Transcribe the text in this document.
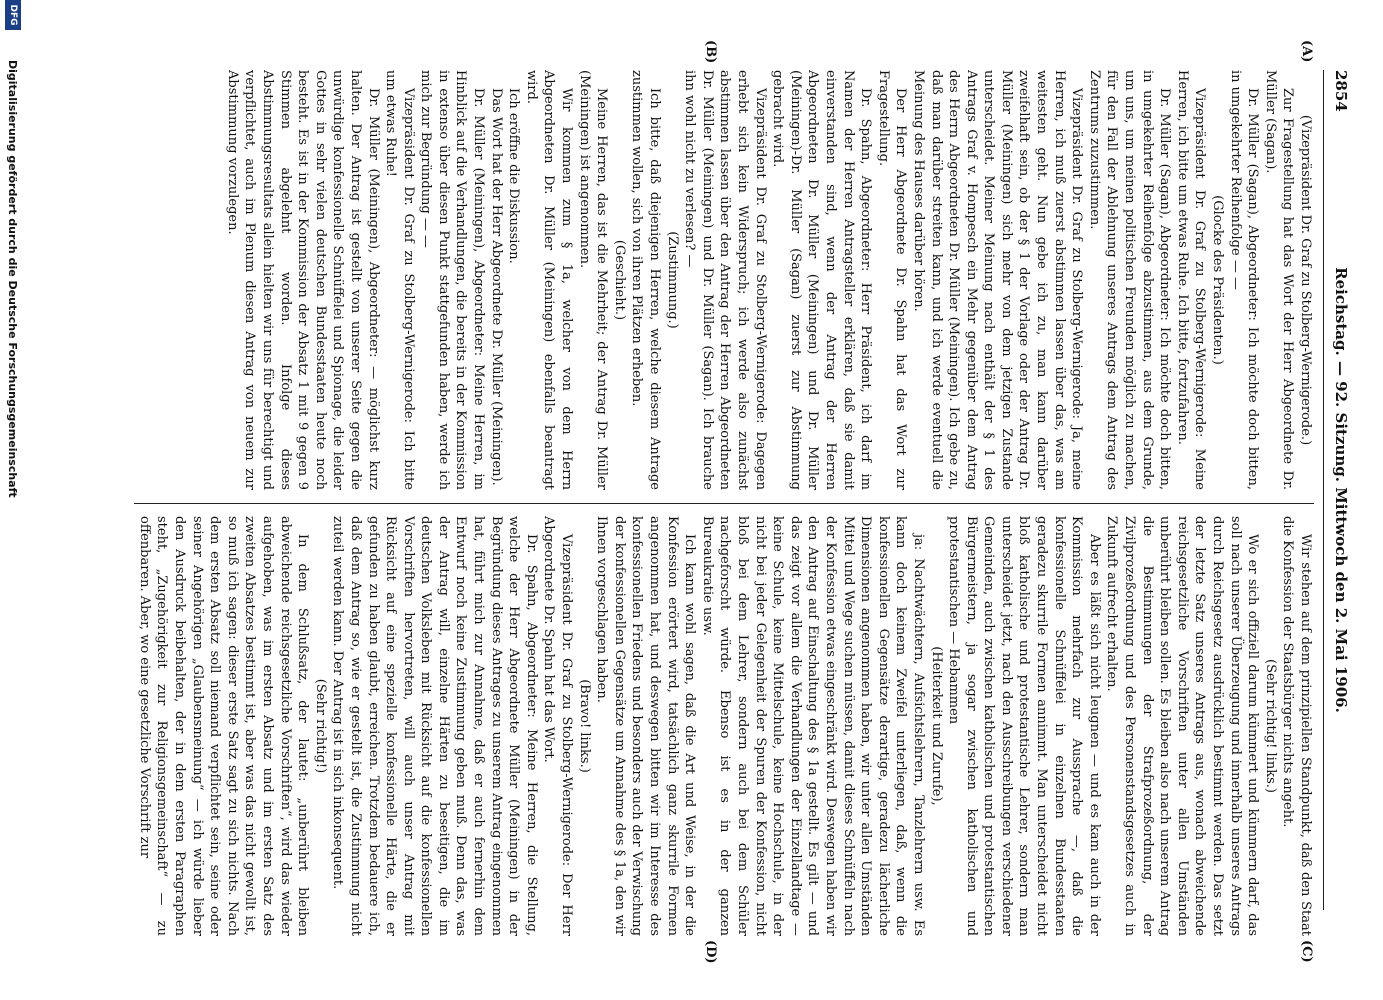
2854
Reichstag. — 92. Sitzung. Mittwoch den 2. Mai 1906.
(A)
(B)
(C)
(D)

(Vizepräsident Dr. Graf zu Stolberg-Wernigerode.)

Zur Fragestellung hat das Wort der Herr Abgeordnete Dr. Müller (Sagan).

Dr. Müller (Sagan), Abgeordneter: Ich möchte doch bitten, in umgekehrter Reihenfolge — —

(Glocke des Präsidenten.)

Vizepräsident Dr. Graf zu Stolberg-Wernigerode: Meine Herren, ich bitte um etwas Ruhe. Ich bitte, fortzufahren.

Dr. Müller (Sagan), Abgeordneter: Ich möchte doch bitten, in umgekehrter Reihenfolge abzustimmen, aus dem Grunde, um uns, um meinen politischen Freunden möglich zu machen, für den Fall der Ablehnung unseres Antrags dem Antrag des Zentrums zuzustimmen.

Vizepräsident Dr. Graf zu Stolberg-Wernigerode: Ja, meine Herren, ich muß zuerst abstimmen lassen über das, was am weitesten geht. Nun gebe ich zu, man kann darüber zweifelhaft sein, ob der § 1 der Vorlage oder der Antrag Dr. Müller (Meiningen) sich mehr von dem jetzigen Zustande unterscheidet. Meiner Meinung nach enthält der § 1 des Antrags Graf v. Hompesch ein Mehr gegenüber dem Antrag des Herrn Abgeordneten Dr. Müller (Meiningen). Ich gebe zu, daß man darüber streiten kann, und ich werde eventuell die Meinung des Hauses darüber hören.

Der Herr Abgeordnete Dr. Spahn hat das Wort zur Fragestellung.

Dr. Spahn, Abgeordneter: Herr Präsident, ich darf im Namen der Herren Antragsteller erklären, daß sie damit einverstanden sind, wenn der Antrag der Herren Abgeordneten Dr. Müller (Meiningen) und Dr. Müller (Meiningen)-Dr. Müller (Sagan) zuerst zur Abstimmung gebracht wird.

Vizepräsident Dr. Graf zu Stolberg-Wernigerode: Dagegen erhebt sich kein Widerspruch; ich werde also zunächst abstimmen lassen über den Antrag der Herren Abgeordneten Dr. Müller (Meiningen) und Dr. Müller (Sagan). Ich brauche ihn wohl nicht zu verlesen? —

(Zustimmung.)

Ich bitte, daß diejenigen Herren, welche diesem Antrage zustimmen wollen, sich von ihren Plätzen erheben.

(Geschieht.)

Meine Herren, das ist die Mehrheit; der Antrag Dr. Müller (Meiningen) ist angenommen.

Wir kommen zum § 1a, welcher von dem Herrn Abgeordneten Dr. Müller (Meiningen) ebenfalls beantragt wird.

Ich eröffne die Diskussion.

Das Wort hat der Herr Abgeordnete Dr. Müller (Meiningen).

Dr. Müller (Meiningen), Abgeordneter: Meine Herren, im Hinblick auf die Verhandlungen, die bereits in der Kommission in extenso über diesen Punkt stattgefunden haben, werde ich mich zur Begründung — —

Vizepräsident Dr. Graf zu Stolberg-Wernigerode: Ich bitte um etwas Ruhe!

Dr. Müller (Meiningen), Abgeordneter: — möglichst kurz halten. Der Antrag ist gestellt von unserer Seite gegen die unwürdige konfessionelle Schnüffelei und Spionage, die leider Gottes in sehr vielen deutschen Bundesstaaten heute noch besteht. Es ist in der Kommission der Absatz 1 mit 9 gegen 9 Stimmen abgelehnt worden. Infolge dieses Abstimmungsresultats allein hielten wir uns für berechtigt und verpflichtet, auch im Plenum diesen Antrag von neuem zur Abstimmung vorzulegen.

Wir stehen auf dem prinzipiellen Standpunkt, daß den Staat die Konfession der Staatsbürger nichts angeht.

(Sehr richtig! links.)

Wo er sich offiziell darum kümmert und kümmern darf, das soll nach unserer Überzeugung und innerhalb unseres Antrags durch Reichsgesetz ausdrücklich bestimmt werden. Das setzt der letzte Satz unseres Antrags aus, wonach abweichende reichsgesetzliche Vorschriften unter allen Umständen unberührt bleiben sollen. Es bleiben also nach unserem Antrag die Bestimmungen der Strafprozeßordnung, der Zivilprozeßordnung und des Personenstandsgesetzes auch in Zukunft aufrecht erhalten.

Aber es läßt sich nicht leugnen — und es kam auch in der Kommission mehrfach zur Aussprache —, daß die konfessionelle Schnüffelei in einzelnen Bundesstaaten geradezu skurrile Formen annimmt. Man unterscheidet nicht bloß katholische und protestantische Lehrer, sondern man unterscheidet jetzt, nach den Ausschreibungen verschiedener Gemeinden, auch zwischen katholischen und protestantischen Bürgermeistern, ja sogar zwischen katholischen und protestantischen — Hebammen

(Heiterkeit und Zurufe),

ja: Nachtwächtern, Aufsichtslehrern, Tanzlehrern usw. Es kann doch keinem Zweifel unterliegen, daß, wenn die konfessionellen Gegensätze derartige, geradezu lächerliche Dimensionen angenommen haben, wir unter allen Umständen Mittel und Wege suchen müssen, damit dieses Schnüffeln nach der Konfession etwas eingeschränkt wird. Deswegen haben wir den Antrag auf Einschaltung des § 1a gestellt. Es gilt — und das zeigt vor allem die Verhandlungen der Einzellandtage — keine Schule, keine Mittelschule, keine Hochschule, in der nicht bei jeder Gelegenheit der Spuren der Konfession, nicht bloß bei dem Lehrer, sondern auch bei dem Schüler nachgeforscht würde. Ebenso ist es in der ganzen Bureaukratie usw.

Ich kann wohl sagen, daß die Art und Weise, in der die Konfession erörtert wird, tatsächlich ganz skurrile Formen angenommen hat, und deswegen bitten wir im Interesse des konfessionellen Friedens und besonders auch der Verwischung der konfessionellen Gegensätze um Annahme des § 1a, den wir Ihnen vorgeschlagen haben.

(Bravo! links.)

Vizepräsident Dr. Graf zu Stolberg-Wernigerode: Der Herr Abgeordnete Dr. Spahn hat das Wort.

Dr. Spahn, Abgeordneter: Meine Herren, die Stellung, welche der Herr Abgeordnete Müller (Meiningen) in der Begründung dieses Antrages zu unserem Antrag eingenommen hat, führt mich zur Annahme, daß er auch fernerhin dem Entwurf noch keine Zustimmung geben muß. Denn das, was der Antrag will, einzelne Härten zu beseitigen, die im deutschen Volksleben mit Rücksicht auf die konfessionellen Vorschriften hervortreten, will auch unser Antrag mit Rücksicht auf eine spezielle konfessionelle Härte, die er gefunden zu haben glaubt, erreichen. Trotzdem bedauere ich, daß dem Antrag so, wie er gestellt ist, die Zustimmung nicht zuteil werden kann. Der Antrag ist in sich inkonsequent.

(Sehr richtig!)

In dem Schlußsatz, der lautet: „unberührt bleiben abweichende reichsgesetzliche Vorschriften“, wird das wieder aufgehoben, was im ersten Absatz und im ersten Satz des zweiten Absatzes bestimmt ist, aber was das nicht gewollt ist, so muß ich sagen: dieser erste Satz sagt zu sich nichts. Nach dem ersten Absatz soll niemand verpflichtet sein, seine oder seiner Angehörigen „Glaubensmeinung“ — ich würde lieber den Ausdruck beibehalten, der in dem ersten Paragraphen steht, „Zugehörigkeit zur Religionsgemeinschaft“ — zu offenbaren. Aber, wo eine gesetzliche Vorschrift zur

DFG
Digitalisierung gefördert durch die Deutsche Forschungsgemeinschaft
